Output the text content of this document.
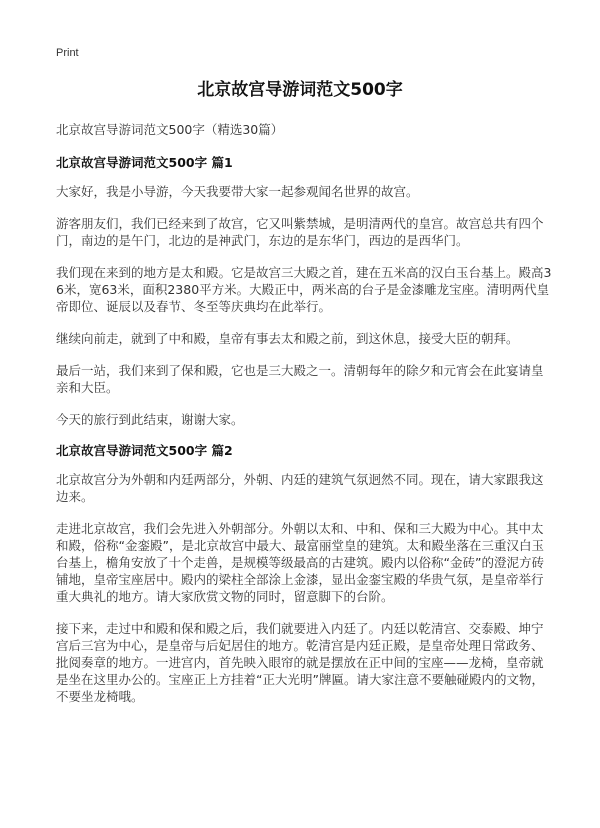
Print
北京故宫导游词范文500字

北京故宫导游词范文500字（精选30篇）

北京故宫导游词范文500字 篇1

大家好，我是小导游，今天我要带大家一起参观闻名世界的故宫。

游客朋友们，我们已经来到了故宫，它又叫紫禁城，是明清两代的皇宫。故宫总共有四个门，南边的是午门，北边的是神武门，东边的是东华门，西边的是西华门。

我们现在来到的地方是太和殿。它是故宫三大殿之首，建在五米高的汉白玉台基上。殿高36米，宽63米，面积2380平方米。大殿正中，两米高的台子是金漆雕龙宝座。清明两代皇帝即位、诞辰以及春节、冬至等庆典均在此举行。

继续向前走，就到了中和殿，皇帝有事去太和殿之前，到这休息，接受大臣的朝拜。

最后一站，我们来到了保和殿，它也是三大殿之一。清朝每年的除夕和元宵会在此宴请皇亲和大臣。

今天的旅行到此结束，谢谢大家。

北京故宫导游词范文500字 篇2

北京故宫分为外朝和内廷两部分，外朝、内廷的建筑气氛迥然不同。现在，请大家跟我这边来。

走进北京故宫，我们会先进入外朝部分。外朝以太和、中和、保和三大殿为中心。其中太和殿，俗称“金銮殿”，是北京故宫中最大、最富丽堂皇的建筑。太和殿坐落在三重汉白玉台基上，檐角安放了十个走兽，是规模等级最高的古建筑。殿内以俗称“金砖”的澄泥方砖铺地，皇帝宝座居中。殿内的梁柱全部涂上金漆，显出金銮宝殿的华贵气氛，是皇帝举行重大典礼的地方。请大家欣赏文物的同时，留意脚下的台阶。

接下来，走过中和殿和保和殿之后，我们就要进入内廷了。内廷以乾清宫、交泰殿、坤宁宫后三宫为中心，是皇帝与后妃居住的地方。乾清宫是内廷正殿，是皇帝处理日常政务、批阅奏章的地方。一进宫内，首先映入眼帘的就是摆放在正中间的宝座——龙椅，皇帝就是坐在这里办公的。宝座正上方挂着“正大光明”牌匾。请大家注意不要触碰殿内的文物，不要坐龙椅哦。
